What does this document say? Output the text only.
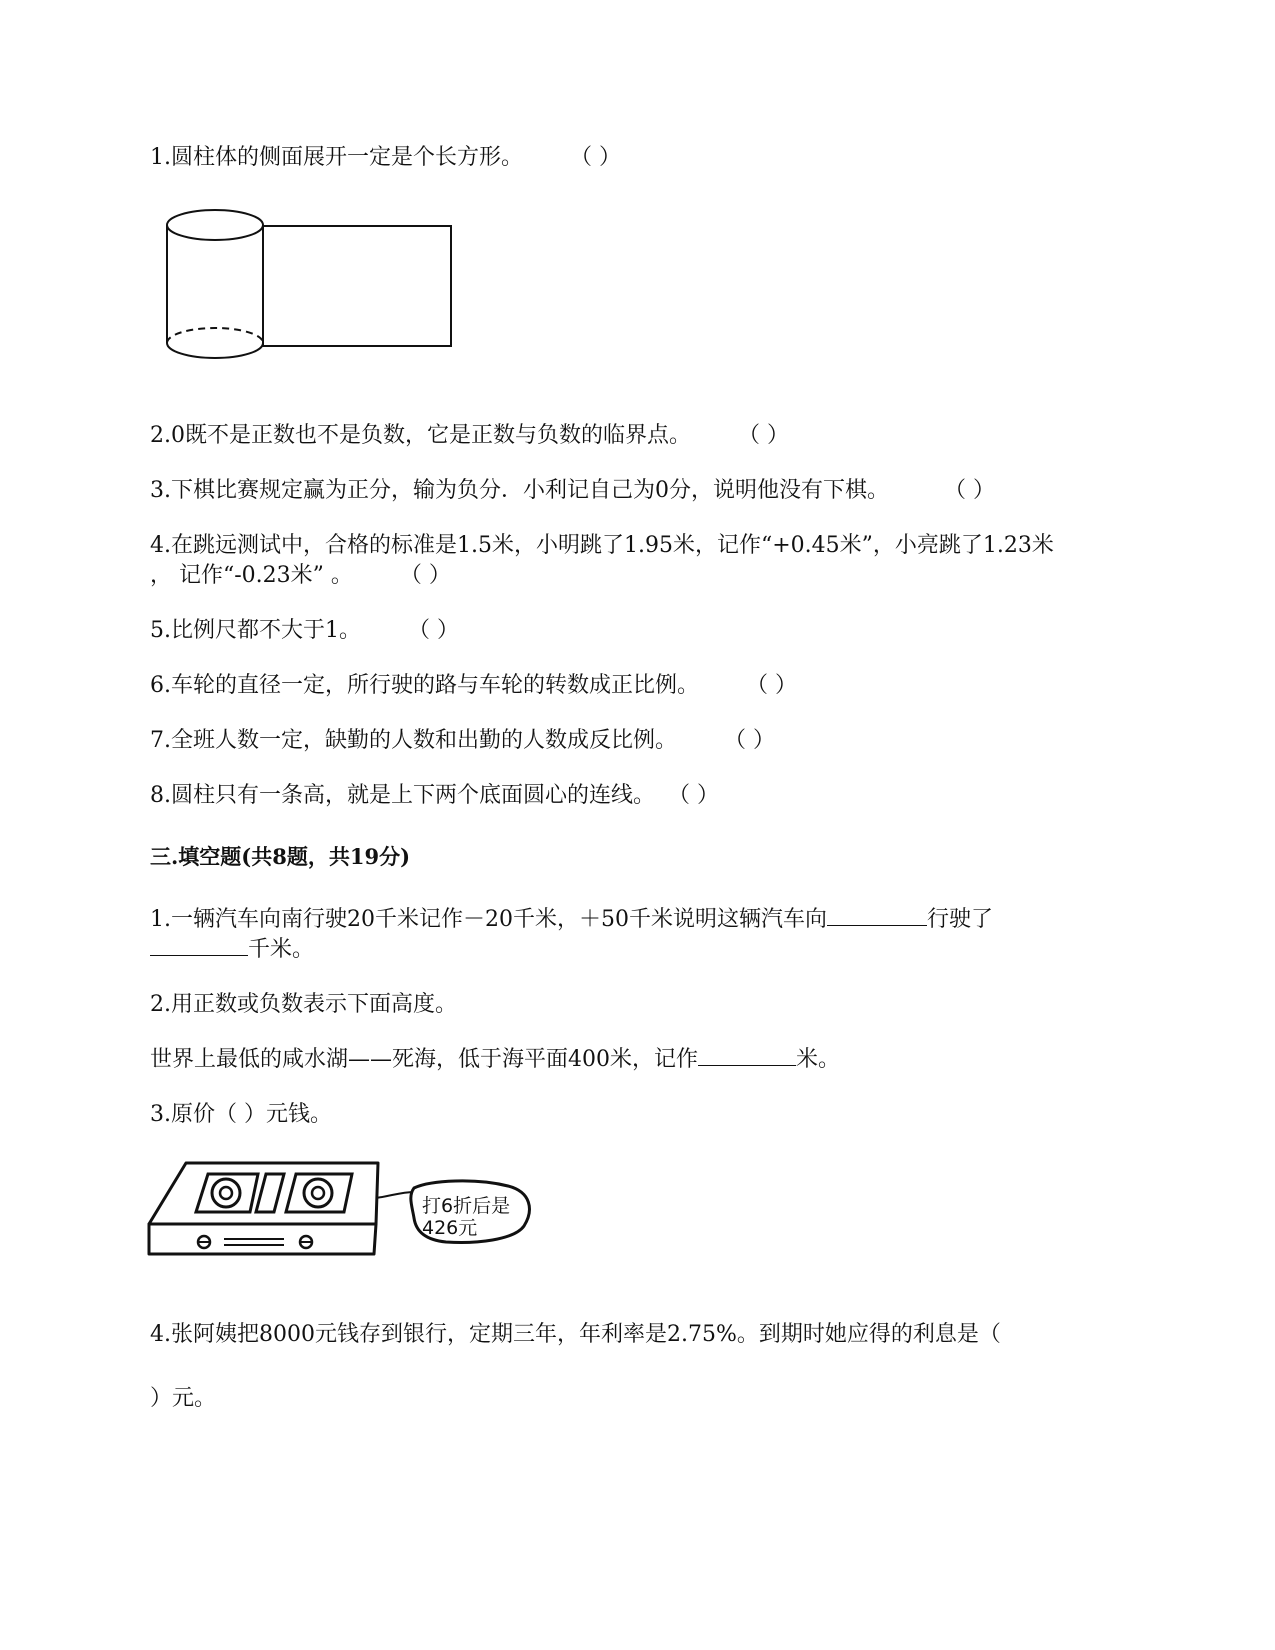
1.圆柱体的侧面展开一定是个长方形。 （ ）
2.0既不是正数也不是负数，它是正数与负数的临界点。 （ ）
3.下棋比赛规定赢为正分，输为负分．小利记自己为0分，说明他没有下棋。	（ ）
4.在跳远测试中，合格的标准是1.5米，小明跳了1.95米，记作“+0.45米”，小亮跳了1.23米
， 记作“-0.23米” 。 （ ）
5.比例尺都不大于1。 （ ）
6.车轮的直径一定，所行驶的路与车轮的转数成正比例。 （ ）
7.全班人数一定，缺勤的人数和出勤的人数成反比例。 （ ）
8.圆柱只有一条高，就是上下两个底面圆心的连线。 （ ）
三.填空题(共8题，共19分)
1.一辆汽车向南行驶20千米记作－20千米，＋50千米说明这辆汽车向	行驶了
千米。
2.用正数或负数表示下面高度。
世界上最低的咸水湖——死海，低于海平面400米，记作	米。
3.原价（ ）元钱。
打6折后是
426元
4.张阿姨把8000元钱存到银行，定期三年，年利率是2.75%。到期时她应得的利息是（
）元。
